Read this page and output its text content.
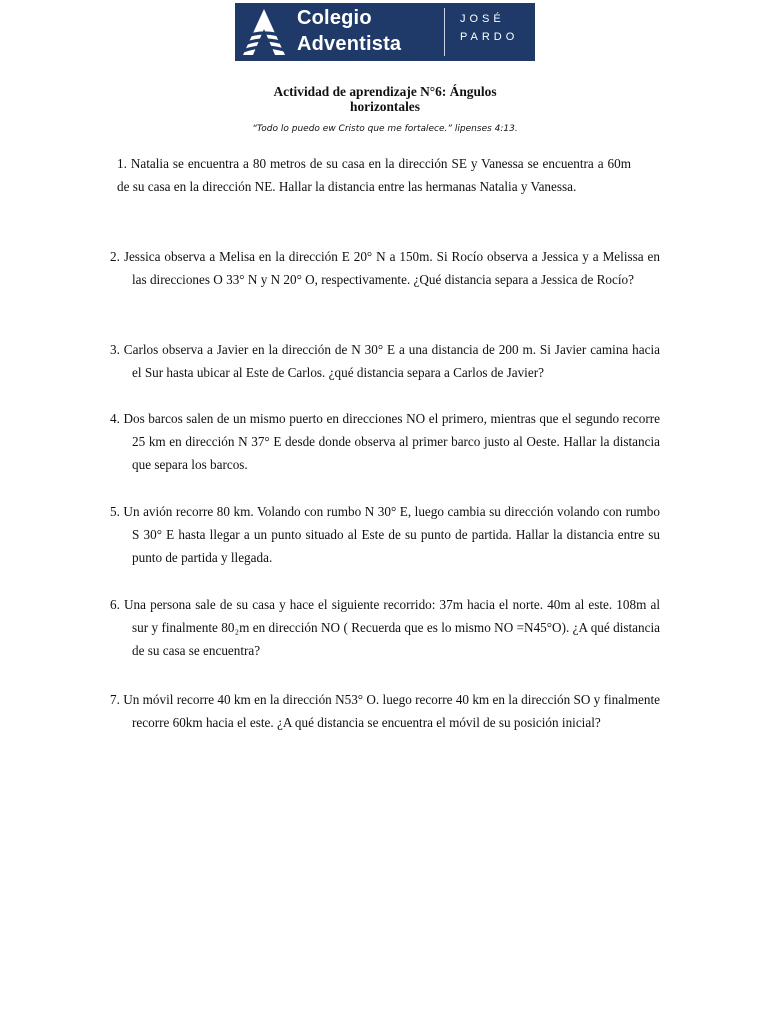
Colegio
Adventista
JOSÉ
PARDO
Actividad de aprendizaje N°6: Ángulos horizontales
“Todo lo puedo ew Cristo que me fortalece.” lipenses 4:13.
1. Natalia se encuentra a 80 metros de su casa en la dirección SE y Vanessa se encuentra a 60m de su casa en la dirección NE. Hallar la distancia entre las hermanas Natalia y Vanessa.
2. Jessica observa a Melisa en la dirección E 20° N a 150m. Si Rocío observa a Jessica y a Melissa en las direcciones O 33° N y N 20° O, respectivamente. ¿Qué distancia separa a Jessica de Rocío?
3. Carlos observa a Javier en la dirección de N 30° E a una distancia de 200 m. Si Javier camina hacia el Sur hasta ubicar al Este de Carlos. ¿qué distancia separa a Carlos de Javier?
4. Dos barcos salen de un mismo puerto en direcciones NO el primero, mientras que el segundo recorre 25 km en dirección N 37° E desde donde observa al primer barco justo al Oeste. Hallar la distancia que separa los barcos.
5. Un avión recorre 80 km. Volando con rumbo N 30° E, luego cambia su dirección volando con rumbo S 30° E hasta llegar a un punto situado al Este de su punto de partida. Hallar la distancia entre su punto de partida y llegada.
6. Una persona sale de su casa y hace el siguiente recorrido: 37m hacia el norte. 40m al este. 108m al sur y finalmente 80₂m en dirección NO ( Recuerda que es lo mismo NO =N45°O). ¿A qué distancia de su casa se encuentra?
7. Un móvil recorre 40 km en la dirección N53° O. luego recorre 40 km en la dirección SO y finalmente recorre 60km hacia el este. ¿A qué distancia se encuentra el móvil de su posición inicial?
